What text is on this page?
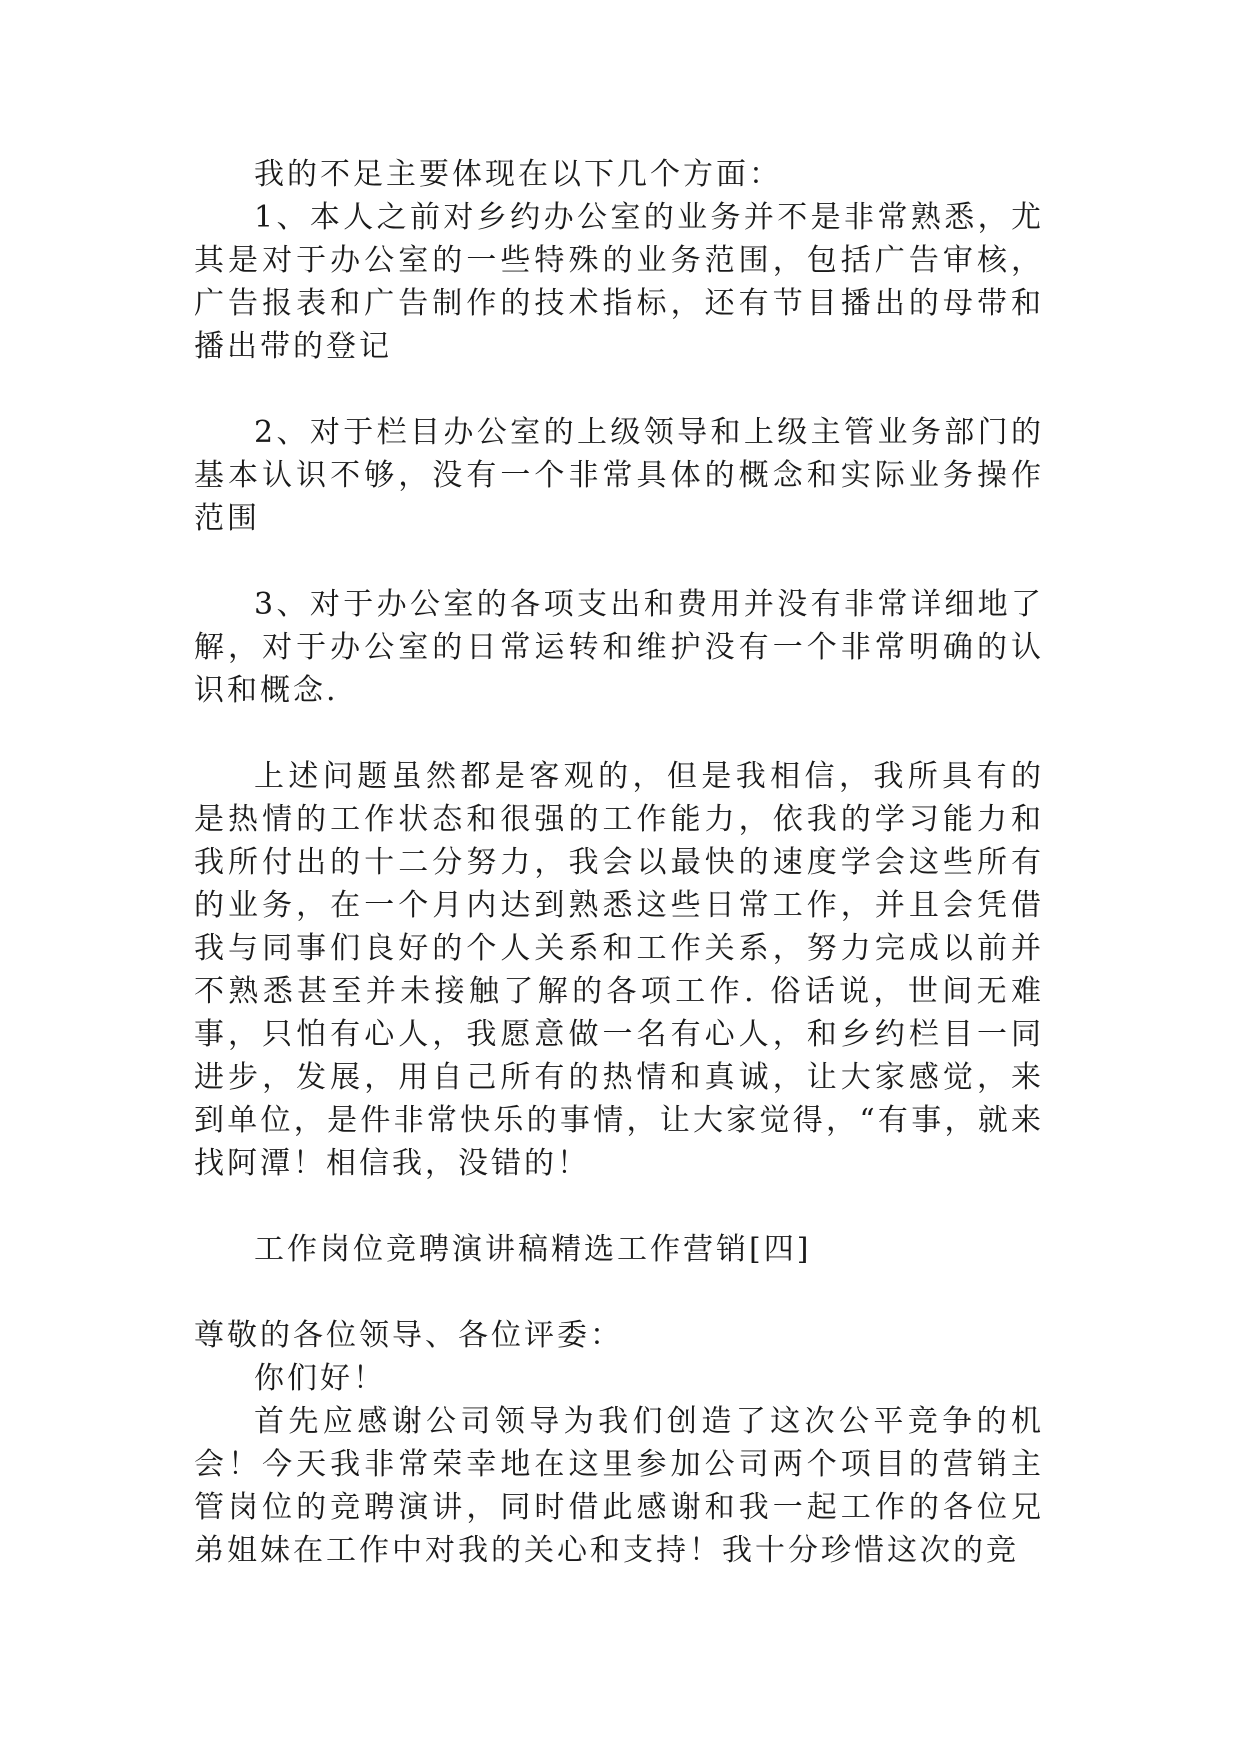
我的不足主要体现在以下几个方面：

1、本人之前对乡约办公室的业务并不是非常熟悉，尤其是对于办公室的一些特殊的业务范围，包括广告审核，广告报表和广告制作的技术指标，还有节目播出的母带和播出带的登记

2、对于栏目办公室的上级领导和上级主管业务部门的基本认识不够，没有一个非常具体的概念和实际业务操作范围

3、对于办公室的各项支出和费用并没有非常详细地了解，对于办公室的日常运转和维护没有一个非常明确的认识和概念.

上述问题虽然都是客观的，但是我相信，我所具有的是热情的工作状态和很强的工作能力，依我的学习能力和我所付出的十二分努力，我会以最快的速度学会这些所有的业务，在一个月内达到熟悉这些日常工作，并且会凭借我与同事们良好的个人关系和工作关系，努力完成以前并不熟悉甚至并未接触了解的各项工作. 俗话说，世间无难事，只怕有心人，我愿意做一名有心人，和乡约栏目一同进步，发展，用自己所有的热情和真诚，让大家感觉，来到单位，是件非常快乐的事情，让大家觉得，“有事，就来找阿潭！相信我，没错的！

工作岗位竞聘演讲稿精选工作营销[四]

尊敬的各位领导、各位评委：

你们好！

首先应感谢公司领导为我们创造了这次公平竞争的机会！今天我非常荣幸地在这里参加公司两个项目的营销主管岗位的竞聘演讲，同时借此感谢和我一起工作的各位兄弟姐妹在工作中对我的关心和支持！我十分珍惜这次的竞
